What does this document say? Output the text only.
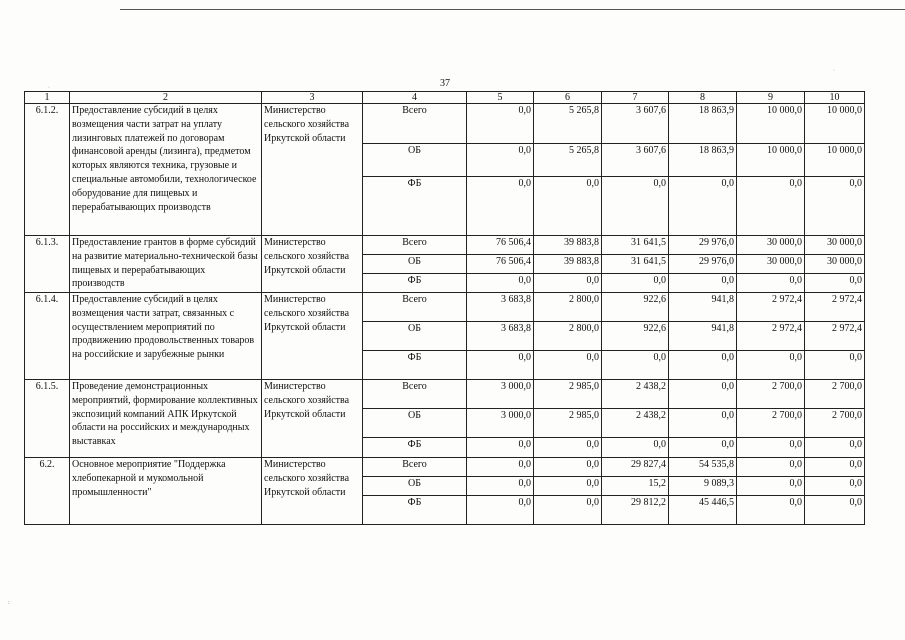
·
·
:
37
1	2	3	4	5	6	7	8	9	10
6.1.2.	Предоставление субсидий в целях возмещения части затрат на уплату лизинговых платежей по договорам финансовой аренды (лизинга), предметом которых являются техника, грузовые и специальные автомобили, технологическое оборудование для пищевых и перерабатывающих производств	Министерство сельского хозяйства Иркутской области	Всего	0,0	5 265,8	3 607,6	18 863,9	10 000,0	10 000,0
			ОБ	0,0	5 265,8	3 607,6	18 863,9	10 000,0	10 000,0
			ФБ	0,0	0,0	0,0	0,0	0,0	0,0
6.1.3.	Предоставление грантов в форме субсидий на развитие материально-технической базы пищевых и перерабатывающих производств	Министерство сельского хозяйства Иркутской области	Всего	76 506,4	39 883,8	31 641,5	29 976,0	30 000,0	30 000,0
			ОБ	76 506,4	39 883,8	31 641,5	29 976,0	30 000,0	30 000,0
			ФБ	0,0	0,0	0,0	0,0	0,0	0,0
6.1.4.	Предоставление субсидий в целях возмещения части затрат, связанных с осуществлением мероприятий по продвижению продовольственных товаров на российские и зарубежные рынки	Министерство сельского хозяйства Иркутской области	Всего	3 683,8	2 800,0	922,6	941,8	2 972,4	2 972,4
			ОБ	3 683,8	2 800,0	922,6	941,8	2 972,4	2 972,4
			ФБ	0,0	0,0	0,0	0,0	0,0	0,0
6.1.5.	Проведение демонстрационных мероприятий, формирование коллективных экспозиций компаний АПК Иркутской области на российских и международных выставках	Министерство сельского хозяйства Иркутской области	Всего	3 000,0	2 985,0	2 438,2	0,0	2 700,0	2 700,0
			ОБ	3 000,0	2 985,0	2 438,2	0,0	2 700,0	2 700,0
			ФБ	0,0	0,0	0,0	0,0	0,0	0,0
6.2.	Основное мероприятие "Поддержка хлебопекарной и мукомольной промышленности"	Министерство сельского хозяйства Иркутской области	Всего	0,0	0,0	29 827,4	54 535,8	0,0	0,0
			ОБ	0,0	0,0	15,2	9 089,3	0,0	0,0
			ФБ	0,0	0,0	29 812,2	45 446,5	0,0	0,0
